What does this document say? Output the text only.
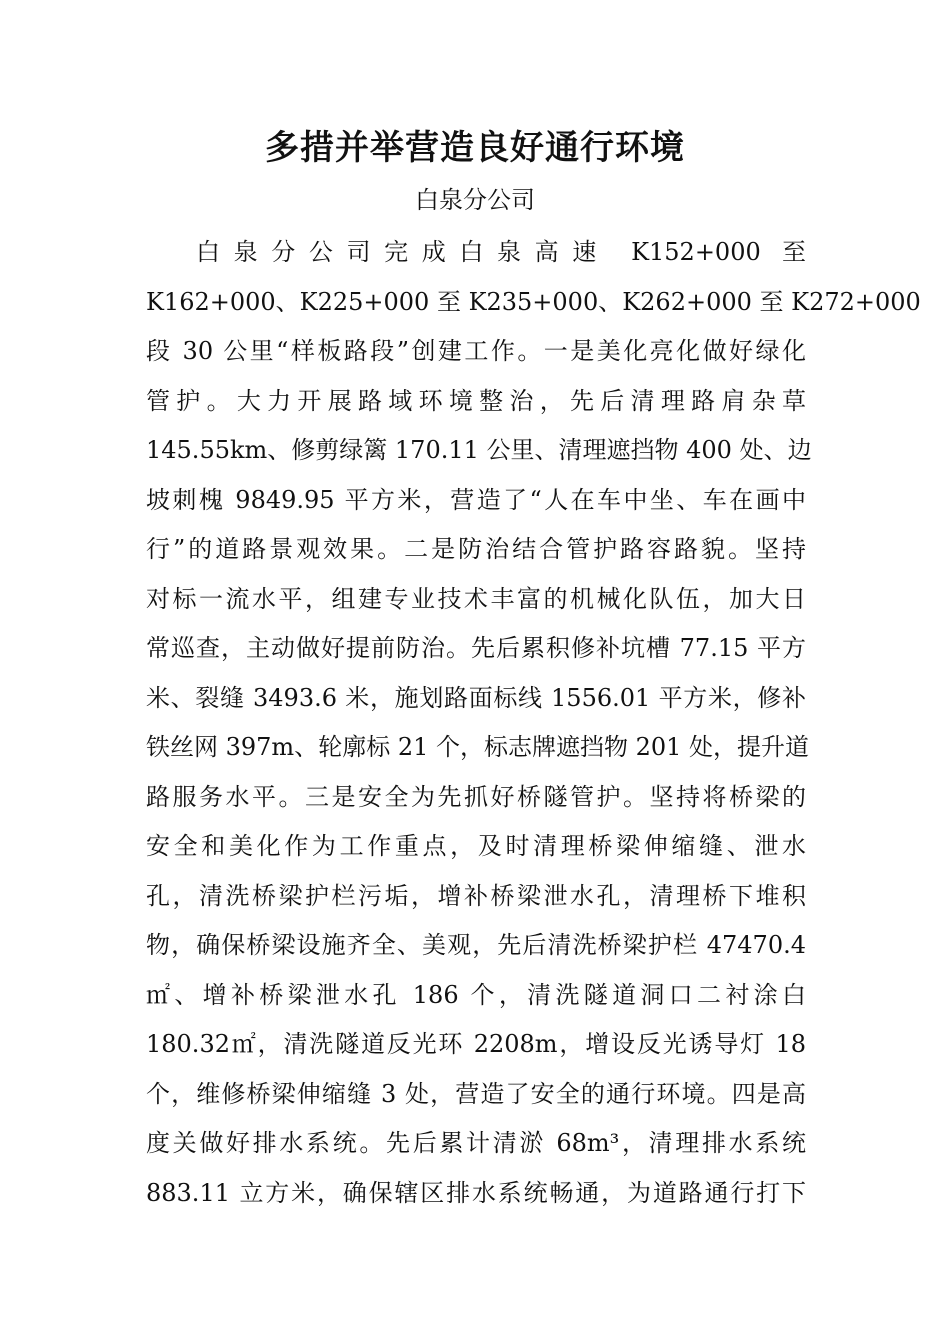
多措并举营造良好通行环境
白泉分公司
白泉分公司完成白泉高速 K152+000 至
K162+000、K225+000 至 K235+000、K262+000 至 K272+000
段 30 公里“样板路段”创建工作。一是美化亮化做好绿化
管护。大力开展路域环境整治，先后清理路肩杂草
145.55km、修剪绿篱 170.11 公里、清理遮挡物 400 处、边
坡刺槐 9849.95 平方米，营造了“人在车中坐、车在画中
行”的道路景观效果。二是防治结合管护路容路貌。坚持
对标一流水平，组建专业技术丰富的机械化队伍，加大日
常巡查，主动做好提前防治。先后累积修补坑槽 77.15 平方
米、裂缝 3493.6 米，施划路面标线 1556.01 平方米，修补
铁丝网 397m、轮廓标 21 个，标志牌遮挡物 201 处，提升道
路服务水平。三是安全为先抓好桥隧管护。坚持将桥梁的
安全和美化作为工作重点，及时清理桥梁伸缩缝、泄水
孔，清洗桥梁护栏污垢，增补桥梁泄水孔，清理桥下堆积
物，确保桥梁设施齐全、美观，先后清洗桥梁护栏 47470.4
㎡、增补桥梁泄水孔 186 个，清洗隧道洞口二衬涂白
180.32㎡，清洗隧道反光环 2208m，增设反光诱导灯 18
个，维修桥梁伸缩缝 3 处，营造了安全的通行环境。四是高
度关做好排水系统。先后累计清淤 68m³，清理排水系统
883.11 立方米，确保辖区排水系统畅通，为道路通行打下
